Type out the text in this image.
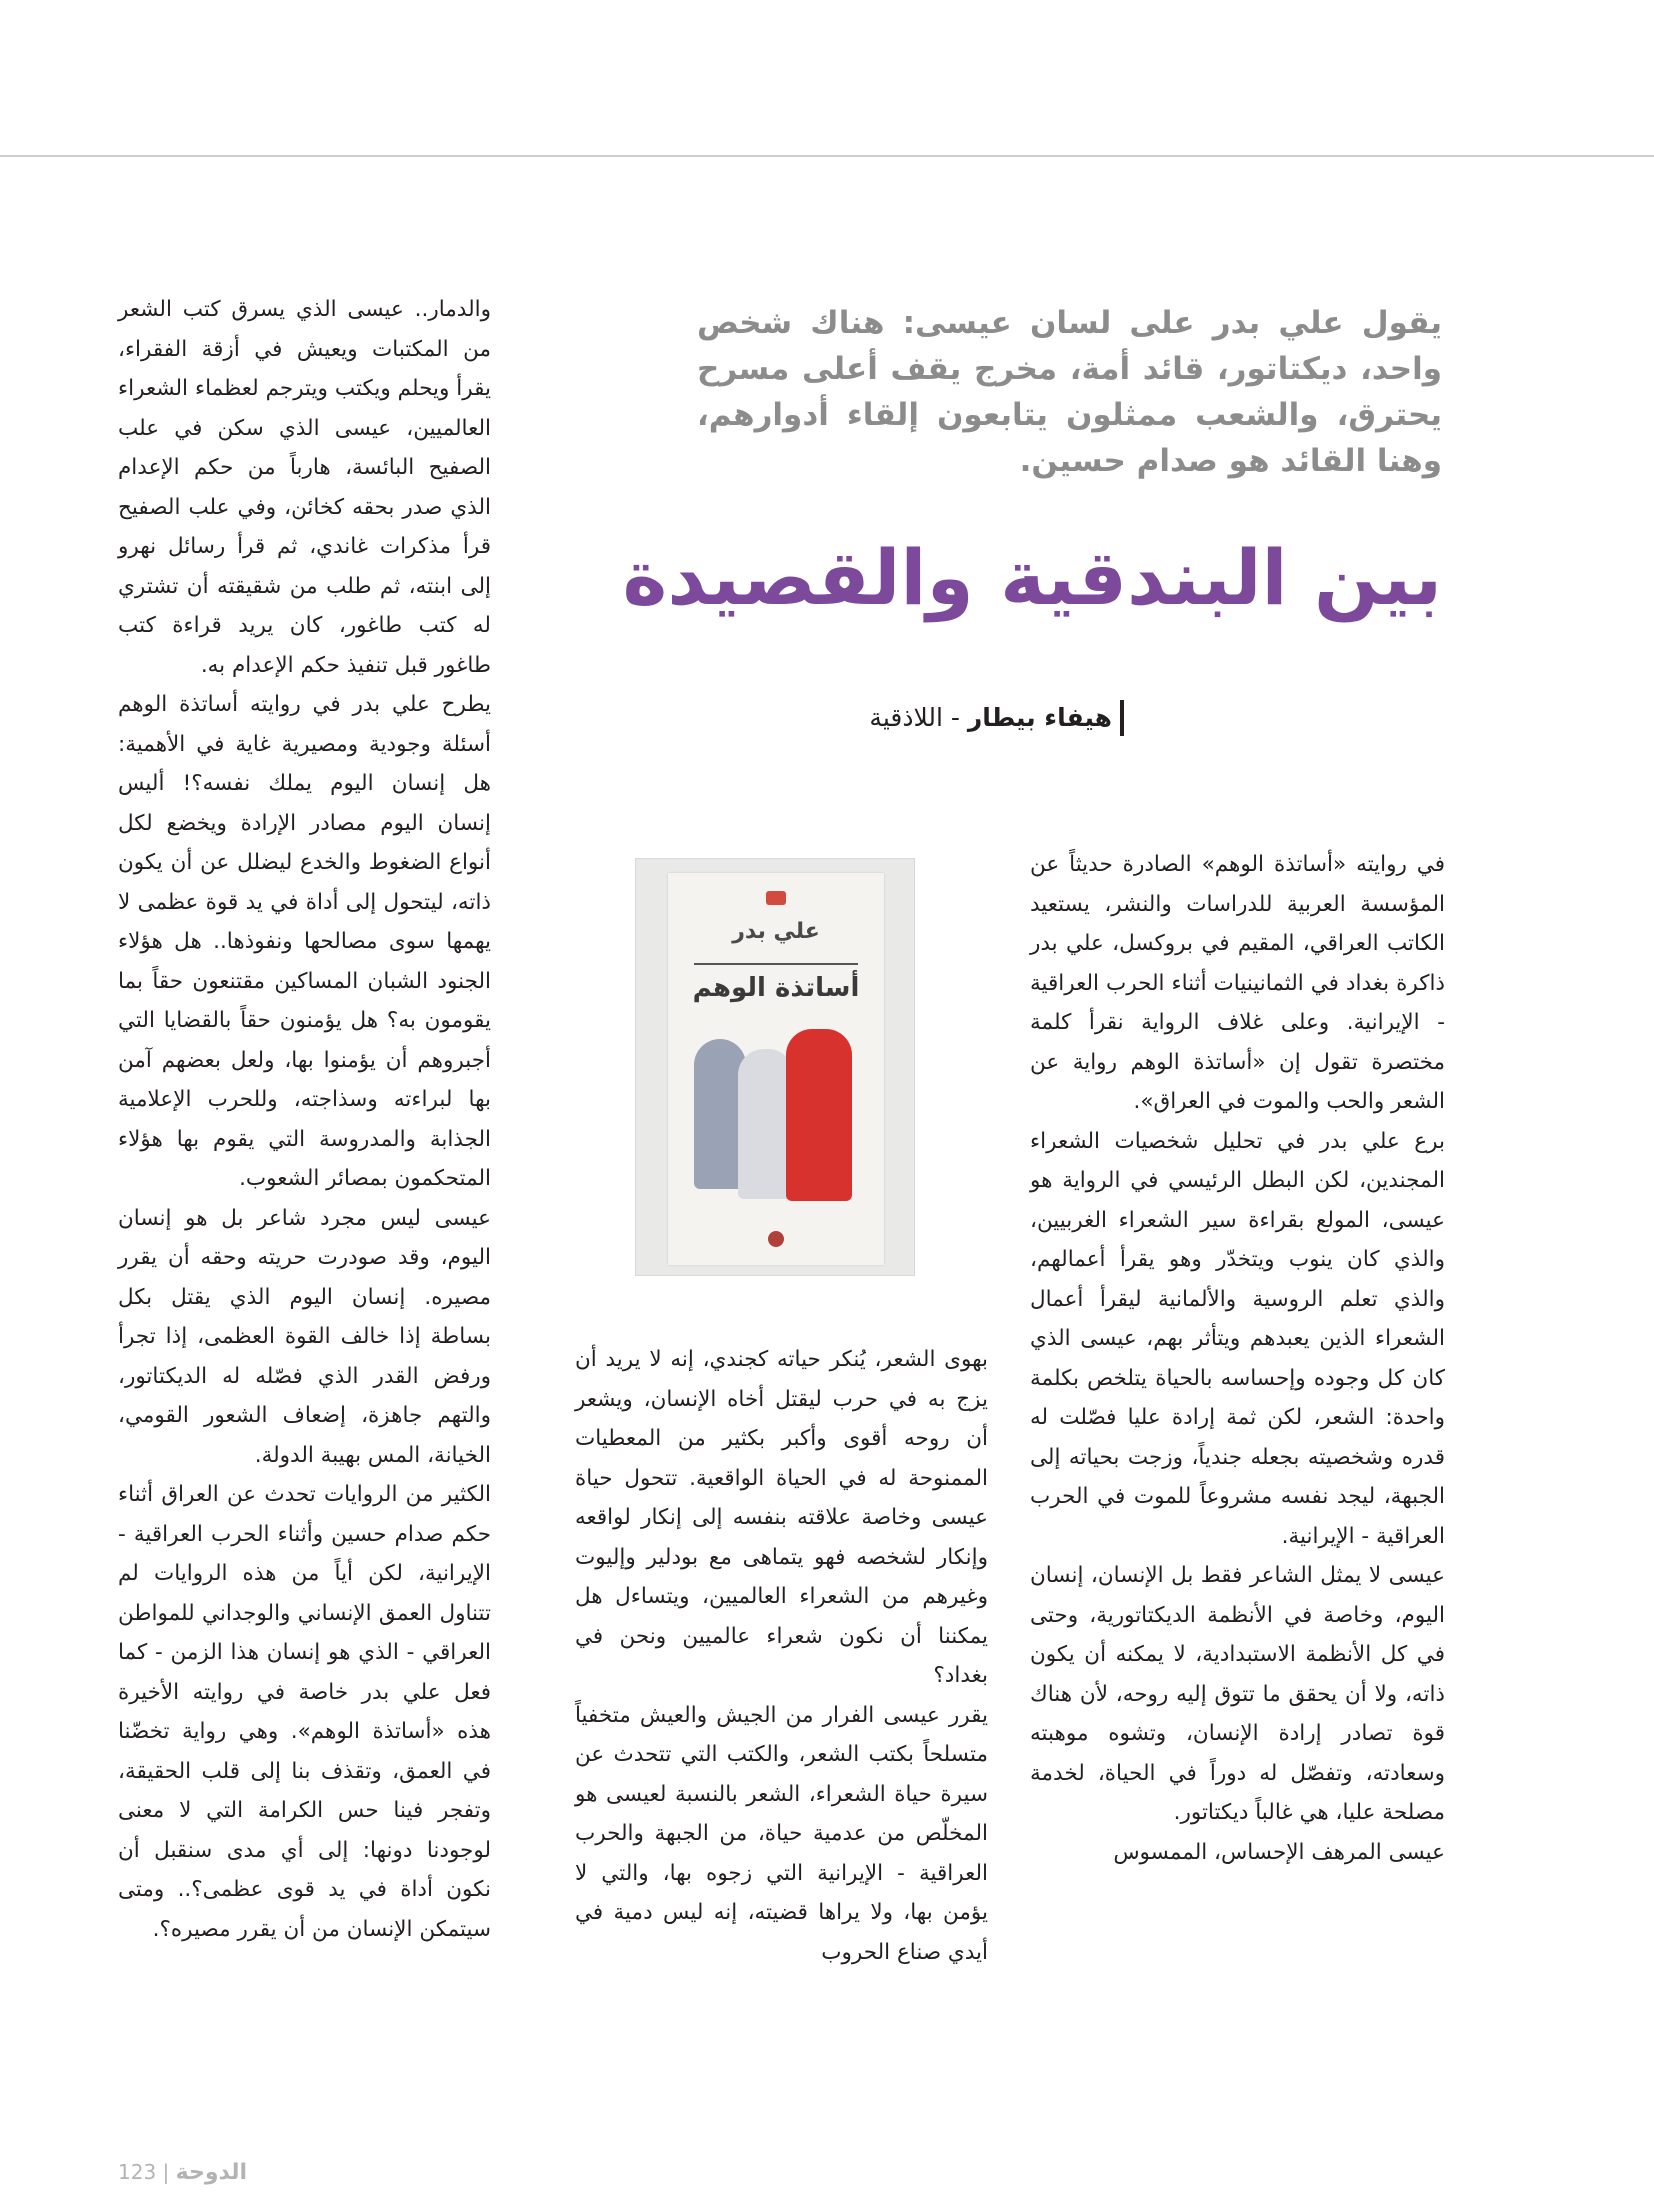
يقول علي بدر على لسان عيسى: هناك شخص واحد، ديكتاتور، قائد أمة، مخرج يقف أعلى مسرح يحترق، والشعب ممثلون يتابعون إلقاء أدوارهم، وهنا القائد هو صدام حسين.
بين البندقية والقصيدة
هيفاء بيطار - اللاذقية

في روايته «أساتذة الوهم» الصادرة حديثاً عن المؤسسة العربية للدراسات والنشر، يستعيد الكاتب العراقي، المقيم في بروكسل، علي بدر ذاكرة بغداد في الثمانينيات أثناء الحرب العراقية - الإيرانية. وعلى غلاف الرواية نقرأ كلمة مختصرة تقول إن «أساتذة الوهم رواية عن الشعر والحب والموت في العراق».

برع علي بدر في تحليل شخصيات الشعراء المجندين، لكن البطل الرئيسي في الرواية هو عيسى، المولع بقراءة سير الشعراء الغربيين، والذي كان ينوب ويتخدّر وهو يقرأ أعمالهم، والذي تعلم الروسية والألمانية ليقرأ أعمال الشعراء الذين يعبدهم ويتأثر بهم، عيسى الذي كان كل وجوده وإحساسه بالحياة يتلخص بكلمة واحدة: الشعر، لكن ثمة إرادة عليا فصّلت له قدره وشخصيته بجعله جندياً، وزجت بحياته إلى الجبهة، ليجد نفسه مشروعاً للموت في الحرب العراقية - الإيرانية.

عيسى لا يمثل الشاعر فقط بل الإنسان، إنسان اليوم، وخاصة في الأنظمة الديكتاتورية، وحتى في كل الأنظمة الاستبدادية، لا يمكنه أن يكون ذاته، ولا أن يحقق ما تتوق إليه روحه، لأن هناك قوة تصادر إرادة الإنسان، وتشوه موهبته وسعادته، وتفصّل له دوراً في الحياة، لخدمة مصلحة عليا، هي غالباً ديكتاتور.

عيسى المرهف الإحساس، الممسوس

علي بدر
أساتذة الوهم

بهوى الشعر، يُنكر حياته كجندي، إنه لا يريد أن يزج به في حرب ليقتل أخاه الإنسان، ويشعر أن روحه أقوى وأكبر بكثير من المعطيات الممنوحة له في الحياة الواقعية. تتحول حياة عيسى وخاصة علاقته بنفسه إلى إنكار لواقعه وإنكار لشخصه فهو يتماهى مع بودلير وإليوت وغيرهم من الشعراء العالميين، ويتساءل هل يمكننا أن نكون شعراء عالميين ونحن في بغداد؟

يقرر عيسى الفرار من الجيش والعيش متخفياً متسلحاً بكتب الشعر، والكتب التي تتحدث عن سيرة حياة الشعراء، الشعر بالنسبة لعيسى هو المخلّص من عدمية حياة، من الجبهة والحرب العراقية - الإيرانية التي زجوه بها، والتي لا يؤمن بها، ولا يراها قضيته، إنه ليس دمية في أيدي صناع الحروب

والدمار.. عيسى الذي يسرق كتب الشعر من المكتبات ويعيش في أزقة الفقراء، يقرأ ويحلم ويكتب ويترجم لعظماء الشعراء العالميين، عيسى الذي سكن في علب الصفيح البائسة، هارباً من حكم الإعدام الذي صدر بحقه كخائن، وفي علب الصفيح قرأ مذكرات غاندي، ثم قرأ رسائل نهرو إلى ابنته، ثم طلب من شقيقته أن تشتري له كتب طاغور، كان يريد قراءة كتب طاغور قبل تنفيذ حكم الإعدام به.

يطرح علي بدر في روايته أساتذة الوهم أسئلة وجودية ومصيرية غاية في الأهمية: هل إنسان اليوم يملك نفسه؟! أليس إنسان اليوم مصادر الإرادة ويخضع لكل أنواع الضغوط والخدع ليضلل عن أن يكون ذاته، ليتحول إلى أداة في يد قوة عظمى لا يهمها سوى مصالحها ونفوذها.. هل هؤلاء الجنود الشبان المساكين مقتنعون حقاً بما يقومون به؟ هل يؤمنون حقاً بالقضايا التي أجبروهم أن يؤمنوا بها، ولعل بعضهم آمن بها لبراءته وسذاجته، وللحرب الإعلامية الجذابة والمدروسة التي يقوم بها هؤلاء المتحكمون بمصائر الشعوب.

عيسى ليس مجرد شاعر بل هو إنسان اليوم، وقد صودرت حريته وحقه أن يقرر مصيره. إنسان اليوم الذي يقتل بكل بساطة إذا خالف القوة العظمى، إذا تجرأ ورفض القدر الذي فصّله له الديكتاتور، والتهم جاهزة، إضعاف الشعور القومي، الخيانة، المس بهيبة الدولة.

الكثير من الروايات تحدث عن العراق أثناء حكم صدام حسين وأثناء الحرب العراقية - الإيرانية، لكن أياً من هذه الروايات لم تتناول العمق الإنساني والوجداني للمواطن العراقي - الذي هو إنسان هذا الزمن - كما فعل علي بدر خاصة في روايته الأخيرة هذه «أساتذة الوهم». وهي رواية تخضّنا في العمق، وتقذف بنا إلى قلب الحقيقة، وتفجر فينا حس الكرامة التي لا معنى لوجودنا دونها: إلى أي مدى سنقبل أن نكون أداة في يد قوى عظمى؟.. ومتى سيتمكن الإنسان من أن يقرر مصيره؟.

123 | الدوحة
